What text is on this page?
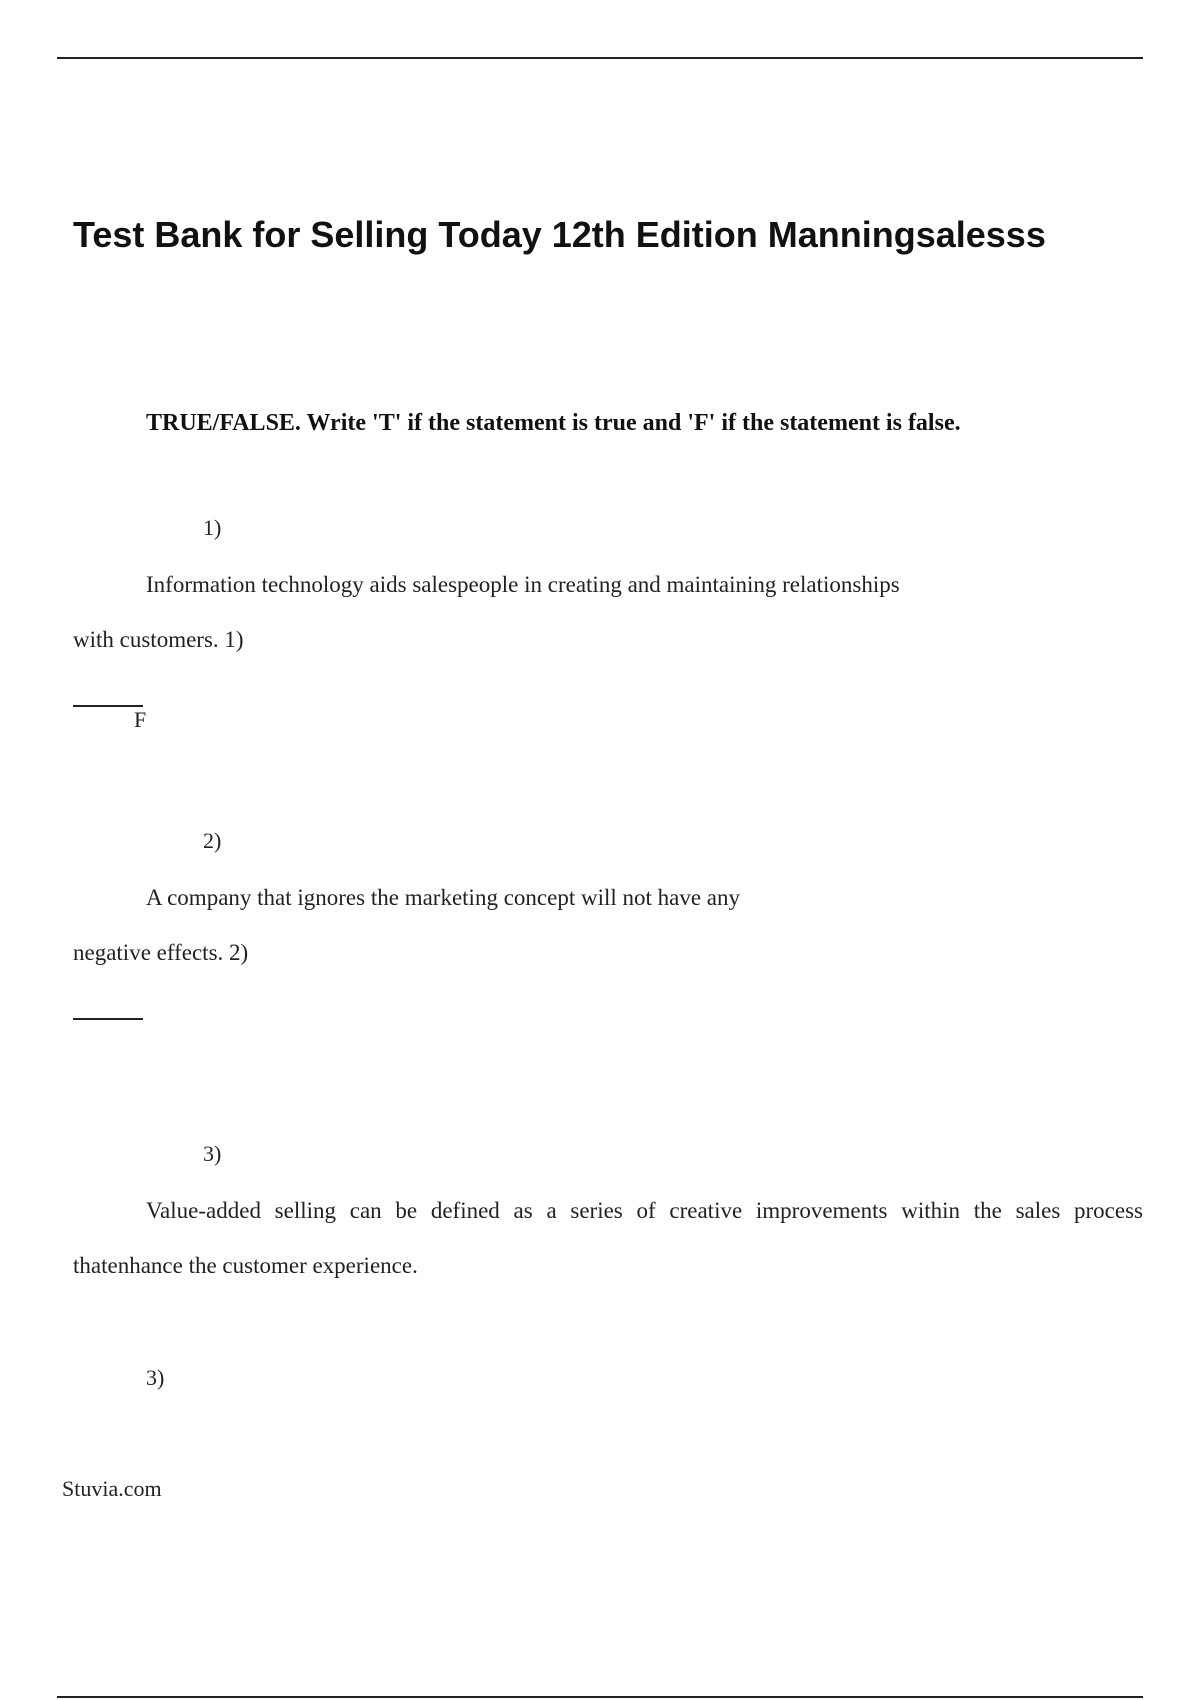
Test Bank for Selling Today 12th Edition Manningsalesss

TRUE/FALSE. Write 'T' if the statement is true and 'F' if the statement is false.

1)
Information technology aids salespeople in creating and maintaining relationships
with customers. 1)
F
2)
A company that ignores the marketing concept will not have any
negative effects. 2)
3)

Value-added selling can be defined as a series of creative improvements within the sales process thatenhance the customer experience.

3)
Stuvia.com
